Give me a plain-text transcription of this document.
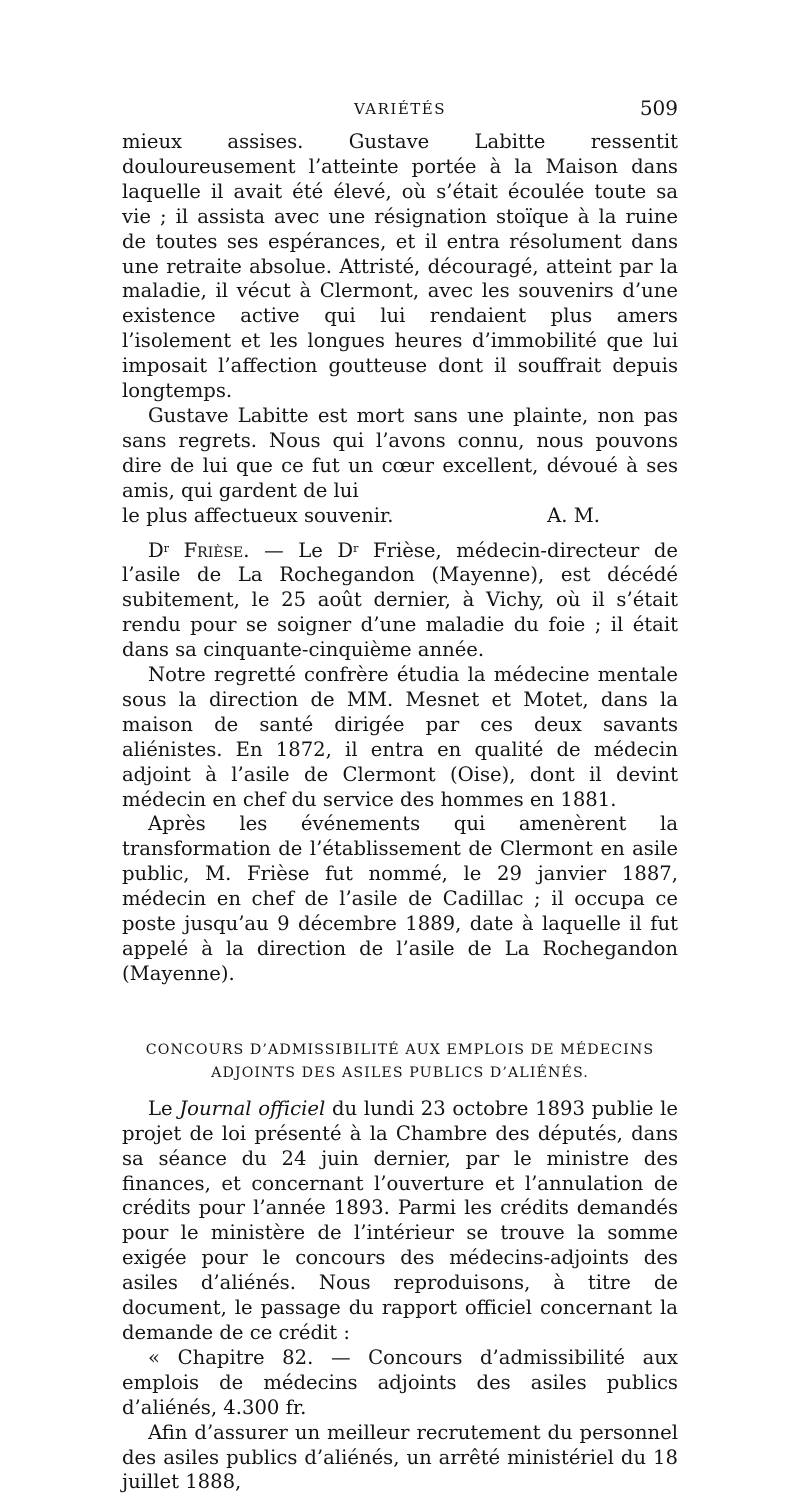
VARIÉTÉS	509

mieux assises. Gustave Labitte ressentit douloureusement l’atteinte portée à la Maison dans laquelle il avait été élevé, où s’était écoulée toute sa vie ; il assista avec une résignation stoïque à la ruine de toutes ses espérances, et il entra résolument dans une retraite absolue. Attristé, découragé, atteint par la maladie, il vécut à Clermont, avec les souvenirs d’une existence active qui lui rendaient plus amers l’isolement et les longues heures d’immobilité que lui imposait l’affection goutteuse dont il souffrait depuis longtemps.

Gustave Labitte est mort sans une plainte, non pas sans regrets. Nous qui l’avons connu, nous pouvons dire de lui que ce fut un cœur excellent, dévoué à ses amis, qui gardent de lui

le plus affectueux souvenir.	A. M.

$D^r$ Frièse. — Le $D^r$ Frièse, médecin-directeur de l’asile de La Rochegandon (Mayenne), est décédé subitement, le 25 août dernier, à Vichy, où il s’était rendu pour se soigner d’une maladie du foie ; il était dans sa cinquante-cinquième année.

Notre regretté confrère étudia la médecine mentale sous la direction de MM. Mesnet et Motet, dans la maison de santé dirigée par ces deux savants aliénistes. En 1872, il entra en qualité de médecin adjoint à l’asile de Clermont (Oise), dont il devint médecin en chef du service des hommes en 1881.

Après les événements qui amenèrent la transformation de l’établissement de Clermont en asile public, M. Frièse fut nommé, le 29 janvier 1887, médecin en chef de l’asile de Cadillac ; il occupa ce poste jusqu’au 9 décembre 1889, date à laquelle il fut appelé à la direction de l’asile de La Rochegandon (Mayenne).

CONCOURS D’ADMISSIBILITÉ AUX EMPLOIS DE MÉDECINS
ADJOINTS DES ASILES PUBLICS D’ALIÉNÉS.

Le Journal officiel du lundi 23 octobre 1893 publie le projet de loi présenté à la Chambre des députés, dans sa séance du 24 juin dernier, par le ministre des finances, et concernant l’ouverture et l’annulation de crédits pour l’année 1893. Parmi les crédits demandés pour le ministère de l’intérieur se trouve la somme exigée pour le concours des médecins-adjoints des asiles d’aliénés. Nous reproduisons, à titre de document, le passage du rapport officiel concernant la demande de ce crédit :

« Chapitre 82. — Concours d’admissibilité aux emplois de médecins adjoints des asiles publics d’aliénés, 4.300 fr.

Afin d’assurer un meilleur recrutement du personnel des asiles publics d’aliénés, un arrêté ministériel du 18 juillet 1888,
